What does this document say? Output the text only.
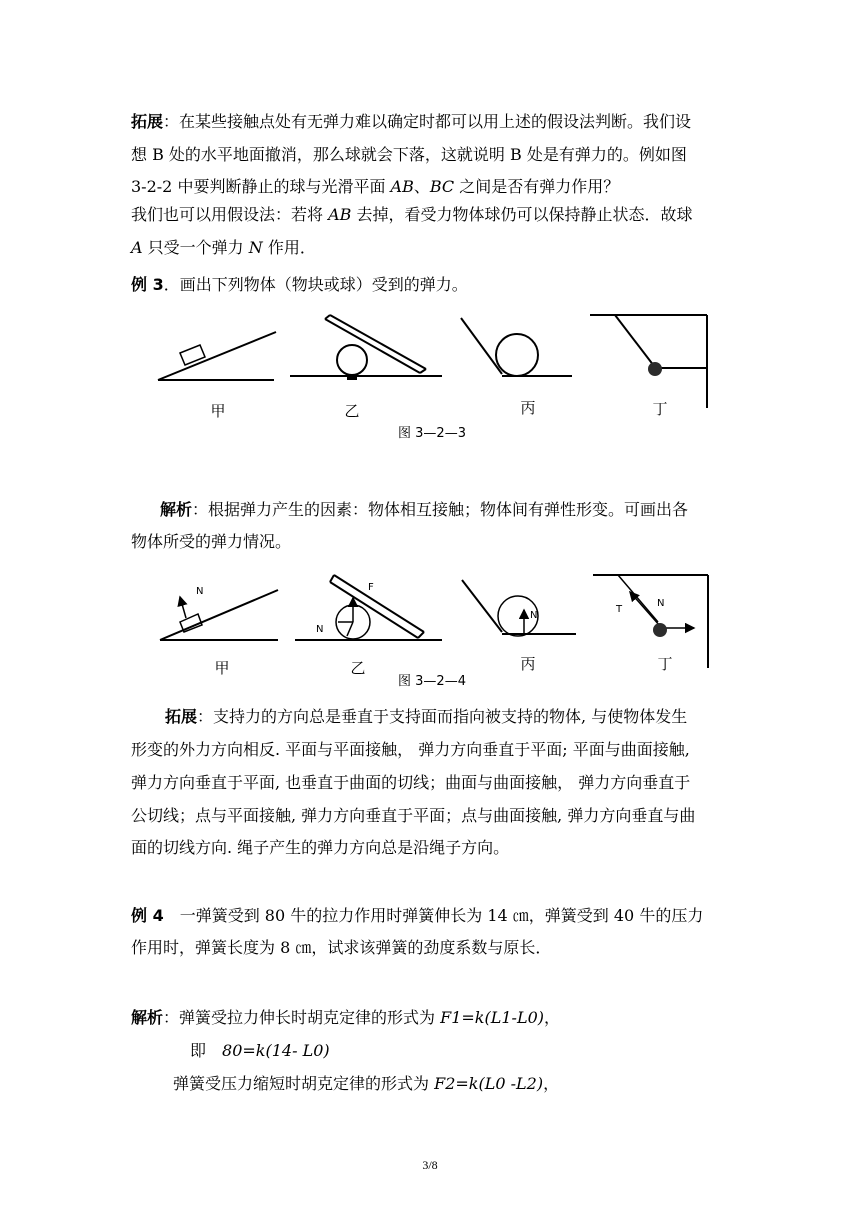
拓展：在某些接触点处有无弹力难以确定时都可以用上述的假设法判断。我们设
想 B 处的水平地面撤消，那么球就会下落，这就说明 B 处是有弹力的。例如图
3-2-2 中要判断静止的球与光滑平面 AB、BC 之间是否有弹力作用？
我们也可以用假设法：若将 AB 去掉，看受力物体球仍可以保持静止状态．故球
A 只受一个弹力 N 作用．
例 3．画出下列物体（物块或球）受到的弹力。
甲	乙	丙	丁
图 3—2—3
解析：根据弹力产生的因素：物体相互接触；物体间有弹性形变。可画出各
物体所受的弹力情况。
N	F
N
N
T
N
甲	乙	丙	丁
图 3—2—4
拓展：支持力的方向总是垂直于支持面而指向被支持的物体, 与使物体发生
形变的外力方向相反. 平面与平面接触， 弹力方向垂直于平面; 平面与曲面接触,
弹力方向垂直于平面, 也垂直于曲面的切线；曲面与曲面接触， 弹力方向垂直于
公切线；点与平面接触, 弹力方向垂直于平面；点与曲面接触, 弹力方向垂直与曲
面的切线方向. 绳子产生的弹力方向总是沿绳子方向。
例 4　一弹簧受到 80 牛的拉力作用时弹簧伸长为 14 ㎝，弹簧受到 40 牛的压力
作用时，弹簧长度为 8 ㎝，试求该弹簧的劲度系数与原长．
解析：弹簧受拉力伸长时胡克定律的形式为 F1=k(L1-L0)，
即　80=k(14- L0)
弹簧受压力缩短时胡克定律的形式为 F2=k(L0 -L2)，
3/8
